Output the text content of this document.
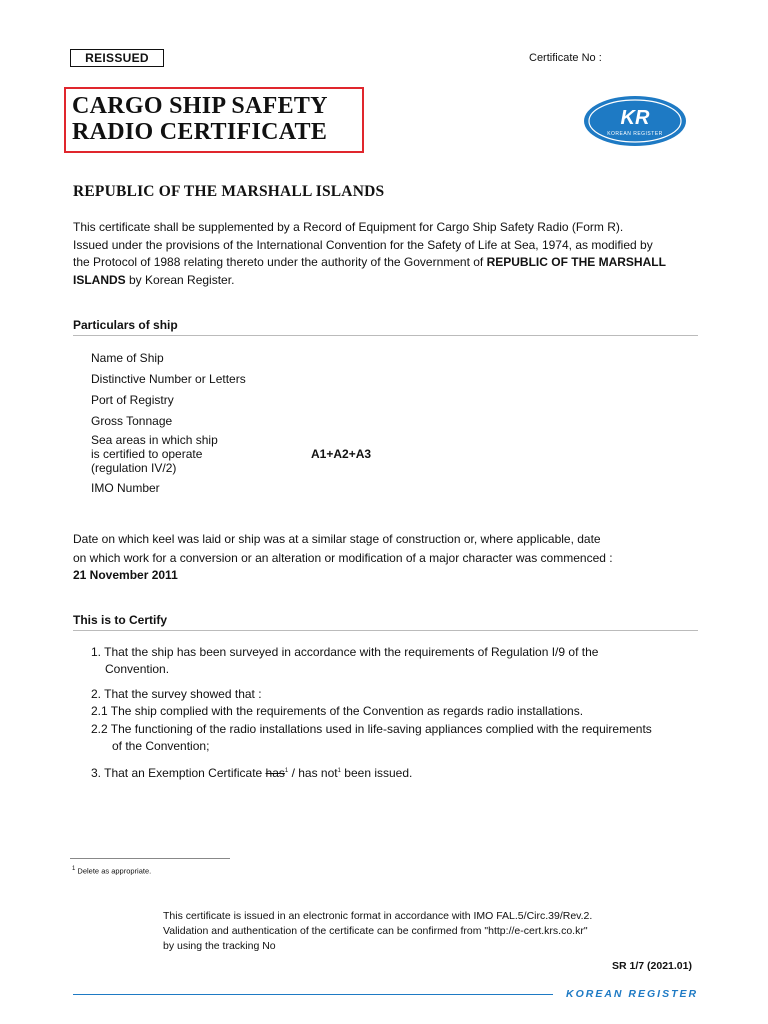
REISSUED	Certificate No :
CARGO SHIP SAFETY
RADIO CERTIFICATE
KR
KOREAN REGISTER
REPUBLIC OF THE MARSHALL ISLANDS
This certificate shall be supplemented by a Record of Equipment for Cargo Ship Safety Radio (Form R).
Issued under the provisions of the International Convention for the Safety of Life at Sea, 1974, as modified by
the Protocol of 1988 relating thereto under the authority of the Government of REPUBLIC OF THE MARSHALL
ISLANDS by Korean Register.
Particulars of ship
Name of Ship
Distinctive Number or Letters
Port of Registry
Gross Tonnage
Sea areas in which ship
is certified to operate
(regulation IV/2)
A1+A2+A3
IMO Number
Date on which keel was laid or ship was at a similar stage of construction or, where applicable, date
on which work for a conversion or an alteration or modification of a major character was commenced :
21 November 2011
This is to Certify
1. That the ship has been surveyed in accordance with the requirements of Regulation I/9 of the
Convention.
2. That the survey showed that :
2.1 The ship complied with the requirements of the Convention as regards radio installations.
2.2 The functioning of the radio installations used in life-saving appliances complied with the requirements
of the Convention;
3. That an Exemption Certificate has$^1$ / has not$^1$ been issued.
$^1$ Delete as appropriate.
This certificate is issued in an electronic format in accordance with IMO FAL.5/Circ.39/Rev.2.
Validation and authentication of the certificate can be confirmed from "http://e-cert.krs.co.kr"
by using the tracking No
SR 1/7 (2021.01)
KOREAN REGISTER
